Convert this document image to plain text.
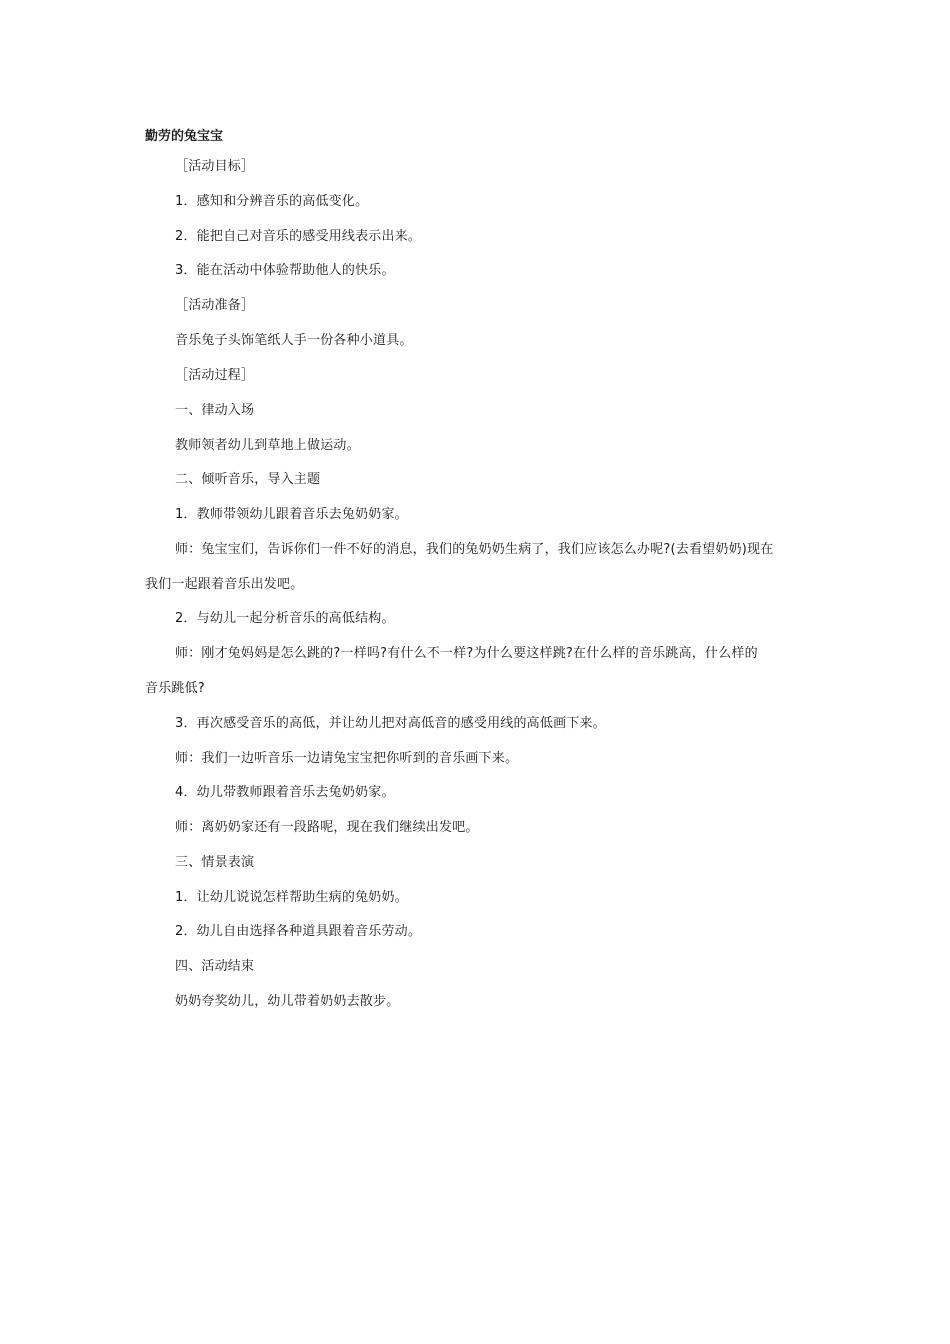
勤劳的兔宝宝
［活动目标］
1．感知和分辨音乐的高低变化。
2．能把自己对音乐的感受用线表示出来。
3．能在活动中体验帮助他人的快乐。
［活动准备］
音乐兔子头饰笔纸人手一份各种小道具。
［活动过程］
一、律动入场
教师领者幼儿到草地上做运动。
二、倾听音乐，导入主题
1．教师带领幼儿跟着音乐去兔奶奶家。
师：兔宝宝们，告诉你们一件不好的消息，我们的兔奶奶生病了，我们应该怎么办呢?(去看望奶奶)现在
我们一起跟着音乐出发吧。
2．与幼儿一起分析音乐的高低结构。
师：刚才兔妈妈是怎么跳的?一样吗?有什么不一样?为什么要这样跳?在什么样的音乐跳高，什么样的
音乐跳低?
3．再次感受音乐的高低，并让幼儿把对高低音的感受用线的高低画下来。
师：我们一边听音乐一边请兔宝宝把你听到的音乐画下来。
4．幼儿带教师跟着音乐去兔奶奶家。
师：离奶奶家还有一段路呢，现在我们继续出发吧。
三、情景表演
1．让幼儿说说怎样帮助生病的兔奶奶。
2．幼儿自由选择各种道具跟着音乐劳动。
四、活动结束
奶奶夸奖幼儿，幼儿带着奶奶去散步。
